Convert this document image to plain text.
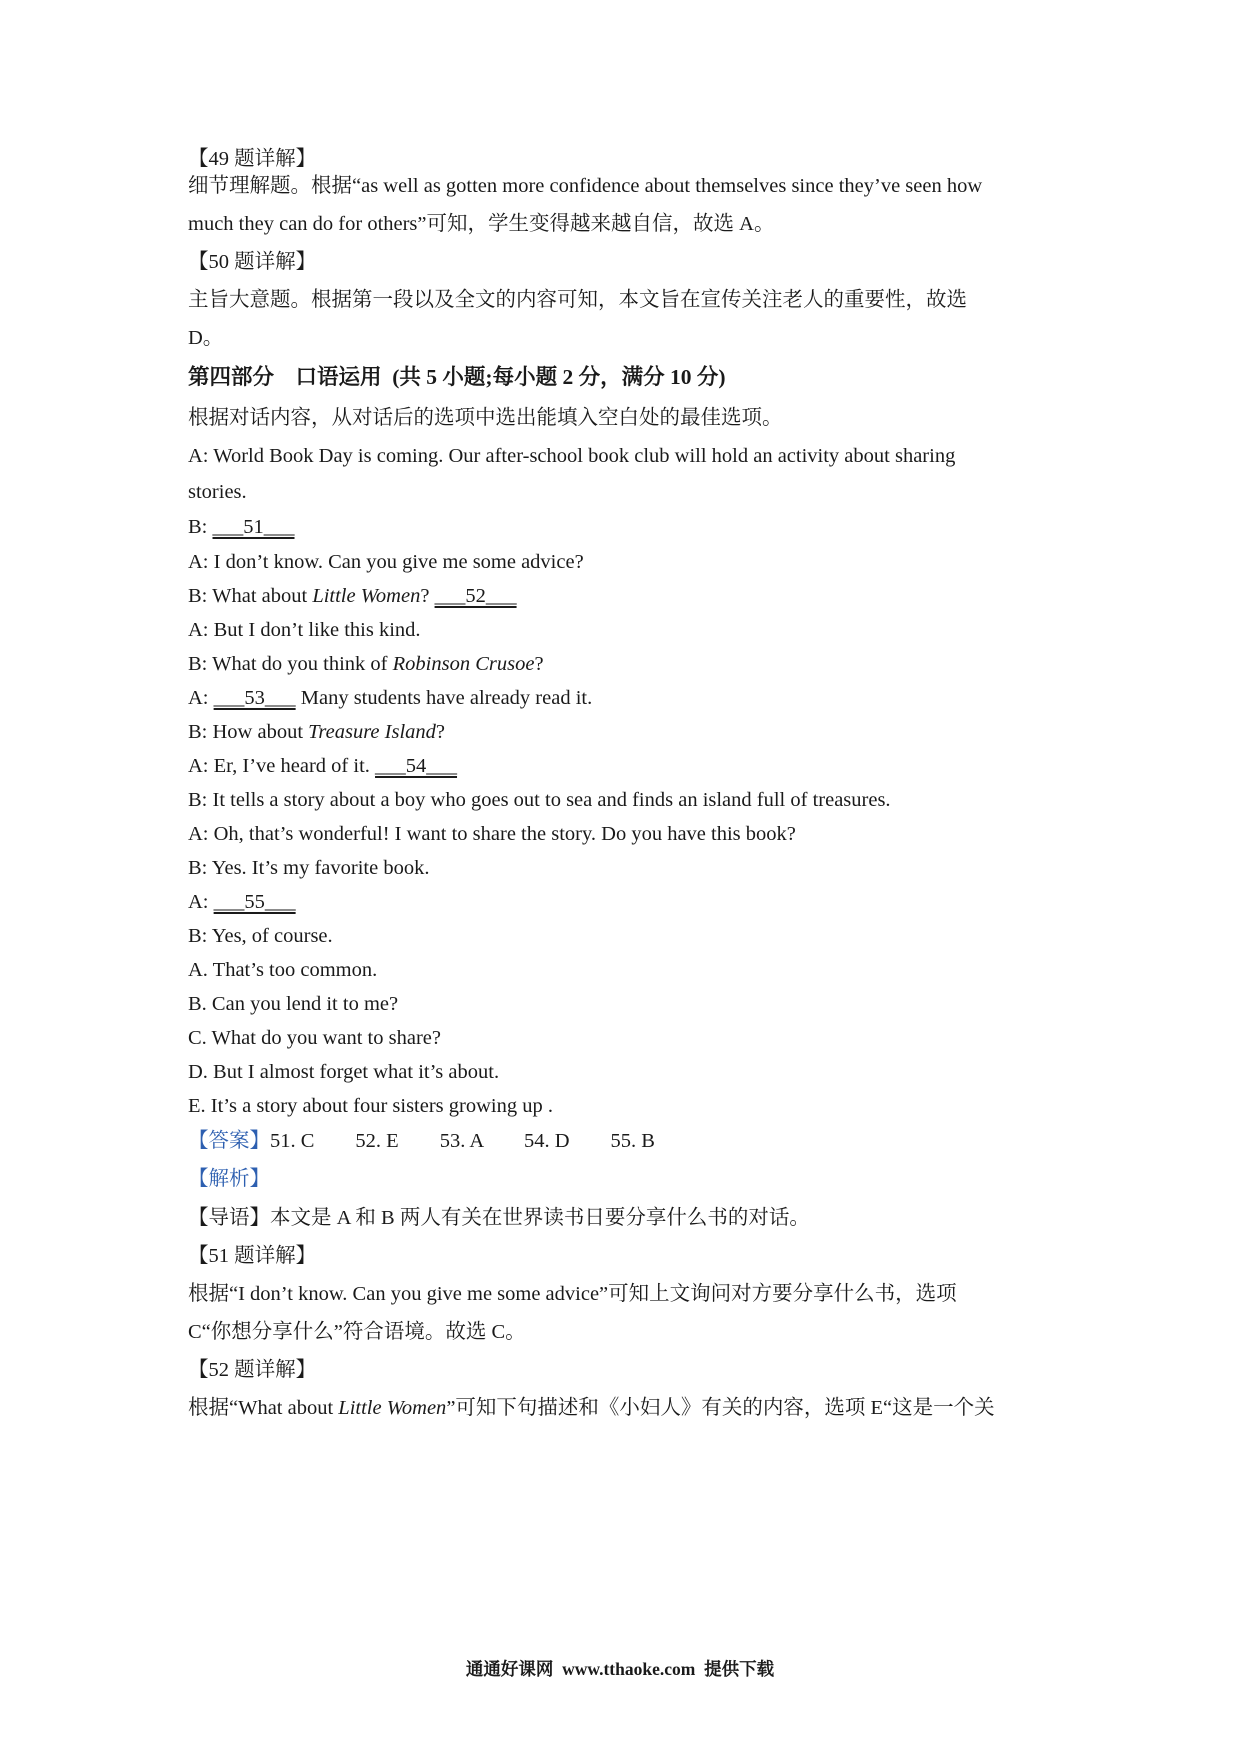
【49 题详解】

细节理解题。根据“as well as gotten more confidence about themselves since they’ve seen how

much they can do for others”可知，学生变得越来越自信，故选 A。

【50 题详解】

主旨大意题。根据第一段以及全文的内容可知，本文旨在宣传关注老人的重要性，故选

D。

第四部分    口语运用  (共 5 小题;每小题 2 分，满分 10 分)

根据对话内容，从对话后的选项中选出能填入空白处的最佳选项。

A: World Book Day is coming. Our after-school book club will hold an activity about sharing

stories.

B: ___51___

A: I don’t know. Can you give me some advice?

B: What about Little Women? ___52___

A: But I don’t like this kind.

B: What do you think of Robinson Crusoe?

A: ___53___ Many students have already read it.

B: How about Treasure Island?

A: Er, I’ve heard of it. ___54___

B: It tells a story about a boy who goes out to sea and finds an island full of treasures.

A: Oh, that’s wonderful! I want to share the story. Do you have this book?

B: Yes. It’s my favorite book.

A: ___55___

B: Yes, of course.

A. That’s too common.

B. Can you lend it to me?

C. What do you want to share?

D. But I almost forget what it’s about.

E. It’s a story about four sisters growing up .

【答案】51. C        52. E        53. A        54. D        55. B

【解析】

【导语】本文是 A 和 B 两人有关在世界读书日要分享什么书的对话。

【51 题详解】

根据“I don’t know. Can you give me some advice”可知上文询问对方要分享什么书，选项

C“你想分享什么”符合语境。故选 C。

【52 题详解】

根据“What about Little Women”可知下句描述和《小妇人》有关的内容，选项 E“这是一个关

通通好课网  www.tthaoke.com  提供下载
